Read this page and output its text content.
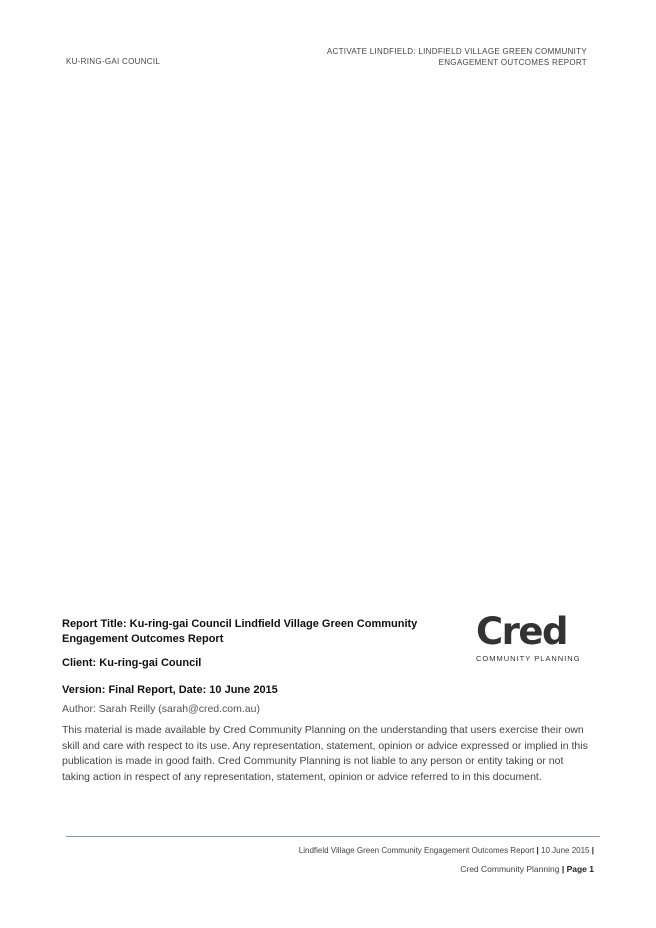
KU-RING-GAI COUNCIL
ACTIVATE LINDFIELD: LINDFIELD VILLAGE GREEN COMMUNITY
ENGAGEMENT OUTCOMES REPORT
Report Title: Ku-ring-gai Council Lindfield Village Green Community Engagement Outcomes Report
Client: Ku-ring-gai Council
Version: Final Report, Date: 10 June 2015
Author: Sarah Reilly (sarah@cred.com.au)
This material is made available by Cred Community Planning on the understanding that users exercise their own skill and care with respect to its use. Any representation, statement, opinion or advice expressed or implied in this publication is made in good faith. Cred Community Planning is not liable to any person or entity taking or not taking action in respect of any representation, statement, opinion or advice referred to in this document.
Cred
COMMUNITY PLANNING
Lindfield Village Green Community Engagement Outcomes Report | 10 June 2015 |
Cred Community Planning | Page 1
